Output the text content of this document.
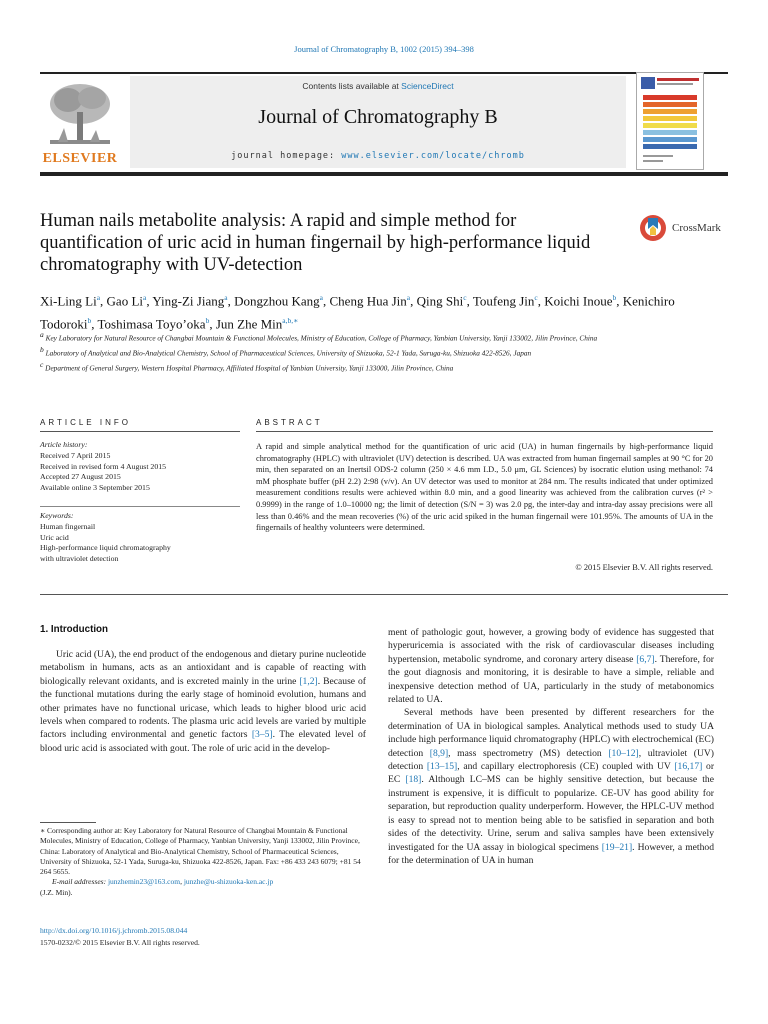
Journal of Chromatography B, 1002 (2015) 394–398
ELSEVIER
Contents lists available at ScienceDirect
Journal of Chromatography B
journal homepage: www.elsevier.com/locate/chromb
Human nails metabolite analysis: A rapid and simple method for quantification of uric acid in human fingernail by high-performance liquid chromatography with UV-detection
CrossMark
Xi-Ling Li$^a$, Gao Li$^a$, Ying-Zi Jiang$^a$, Dongzhou Kang$^a$, Cheng Hua Jin$^a$, Qing Shi$^c$, Toufeng Jin$^c$, Koichi Inoue$^b$, Kenichiro Todoroki$^b$, Toshimasa Toyo’oka$^b$, Jun Zhe Min$^{a,b,∗}$
$^a$ Key Laboratory for Natural Resource of Changbai Mountain & Functional Molecules, Ministry of Education, College of Pharmacy, Yanbian University, Yanji 133002, Jilin Province, China
$^b$ Laboratory of Analytical and Bio-Analytical Chemistry, School of Pharmaceutical Sciences, University of Shizuoka, 52-1 Yada, Suruga-ku, Shizuoka 422-8526, Japan
$^c$ Department of General Surgery, Western Hospital Pharmacy, Affiliated Hospital of Yanbian University, Yanji 133000, Jilin Province, China
ARTICLE INFO	ABSTRACT
Article history:
Received 7 April 2015
Received in revised form 4 August 2015
Accepted 27 August 2015
Available online 3 September 2015
Keywords:
Human fingernail
Uric acid
High-performance liquid chromatography
with ultraviolet detection
A rapid and simple analytical method for the quantification of uric acid (UA) in human fingernails by high-performance liquid chromatography (HPLC) with ultraviolet (UV) detection is described. UA was extracted from human fingernail samples at 90 °C for 20 min, then separated on an Inertsil ODS-2 column (250 × 4.6 mm I.D., 5.0 μm, GL Sciences) by isocratic elution using methanol: 74 mM phosphate buffer (pH 2.2) 2:98 (v/v). An UV detector was used to monitor at 284 nm. The results indicated that under optimized measurement conditions results were achieved within 8.0 min, and a good linearity was achieved from the calibration curves (r² > 0.9999) in the range of 1.0–10000 ng; the limit of detection (S/N = 3) was 2.0 pg, the inter-day and intra-day assay precisions were all less than 0.46% and the mean recoveries (%) of the uric acid spiked in the human fingernail were 101.95%. The amounts of UA in the fingernails of healthy volunteers were determined.
© 2015 Elsevier B.V. All rights reserved.
1. Introduction

Uric acid (UA), the end product of the endogenous and dietary purine nucleotide metabolism in humans, acts as an antioxidant and is capable of reacting with biologically relevant oxidants, and is excreted mainly in the urine [1,2]. Because of the functional mutations during the early stage of hominoid evolution, humans and other primates have no functional uricase, which leads to higher blood uric acid levels when compared to rodents. The plasma uric acid levels are varied by multiple factors including environmental and genetic factors [3–5]. The elevated level of blood uric acid is associated with gout. The role of uric acid in the develop-

ment of pathologic gout, however, a growing body of evidence has suggested that hyperuricemia is associated with the risk of cardiovascular diseases including hypertension, metabolic syndrome, and coronary artery disease [6,7]. Therefore, for the gout diagnosis and monitoring, it is desirable to have a simple, reliable and inexpensive detection method of UA, particularly in the study of metabonomics related to UA.

Several methods have been presented by different researchers for the determination of UA in biological samples. Analytical methods used to study UA include high performance liquid chromatography (HPLC) with electrochemical (EC) detection [8,9], mass spectrometry (MS) detection [10–12], ultraviolet (UV) detection [13–15], and capillary electrophoresis (CE) coupled with UV [16,17] or EC [18]. Although LC–MS can be highly sensitive detection, but because the instrument is expensive, it is difficult to popularize. CE-UV has good ability for separation, but reproduction quality underperform. However, the HPLC-UV method is easy to spread not to mention being able to be satisfied in separation and both sides of the detectivity. Urine, serum and saliva samples have been extensively investigated for the UA assay in biological specimens [19–21]. However, a method for the determination of UA in human

∗ Corresponding author at: Key Laboratory for Natural Resource of Changbai Mountain & Functional Molecules, Ministry of Education, College of Pharmacy, Yanbian University, Yanji 133002, Jilin Province, China: Laboratory of Analytical and Bio-Analytical Chemistry, School of Pharmaceutical Sciences, University of Shizuoka, 52-1 Yada, Suruga-ku, Shizuoka 422-8526, Japan. Fax: +86 433 243 6079; +81 54 264 5655.
E-mail addresses: junzhemin23@163.com, junzhe@u-shizuoka-ken.ac.jp
(J.Z. Min).
http://dx.doi.org/10.1016/j.jchromb.2015.08.044
1570-0232/© 2015 Elsevier B.V. All rights reserved.
